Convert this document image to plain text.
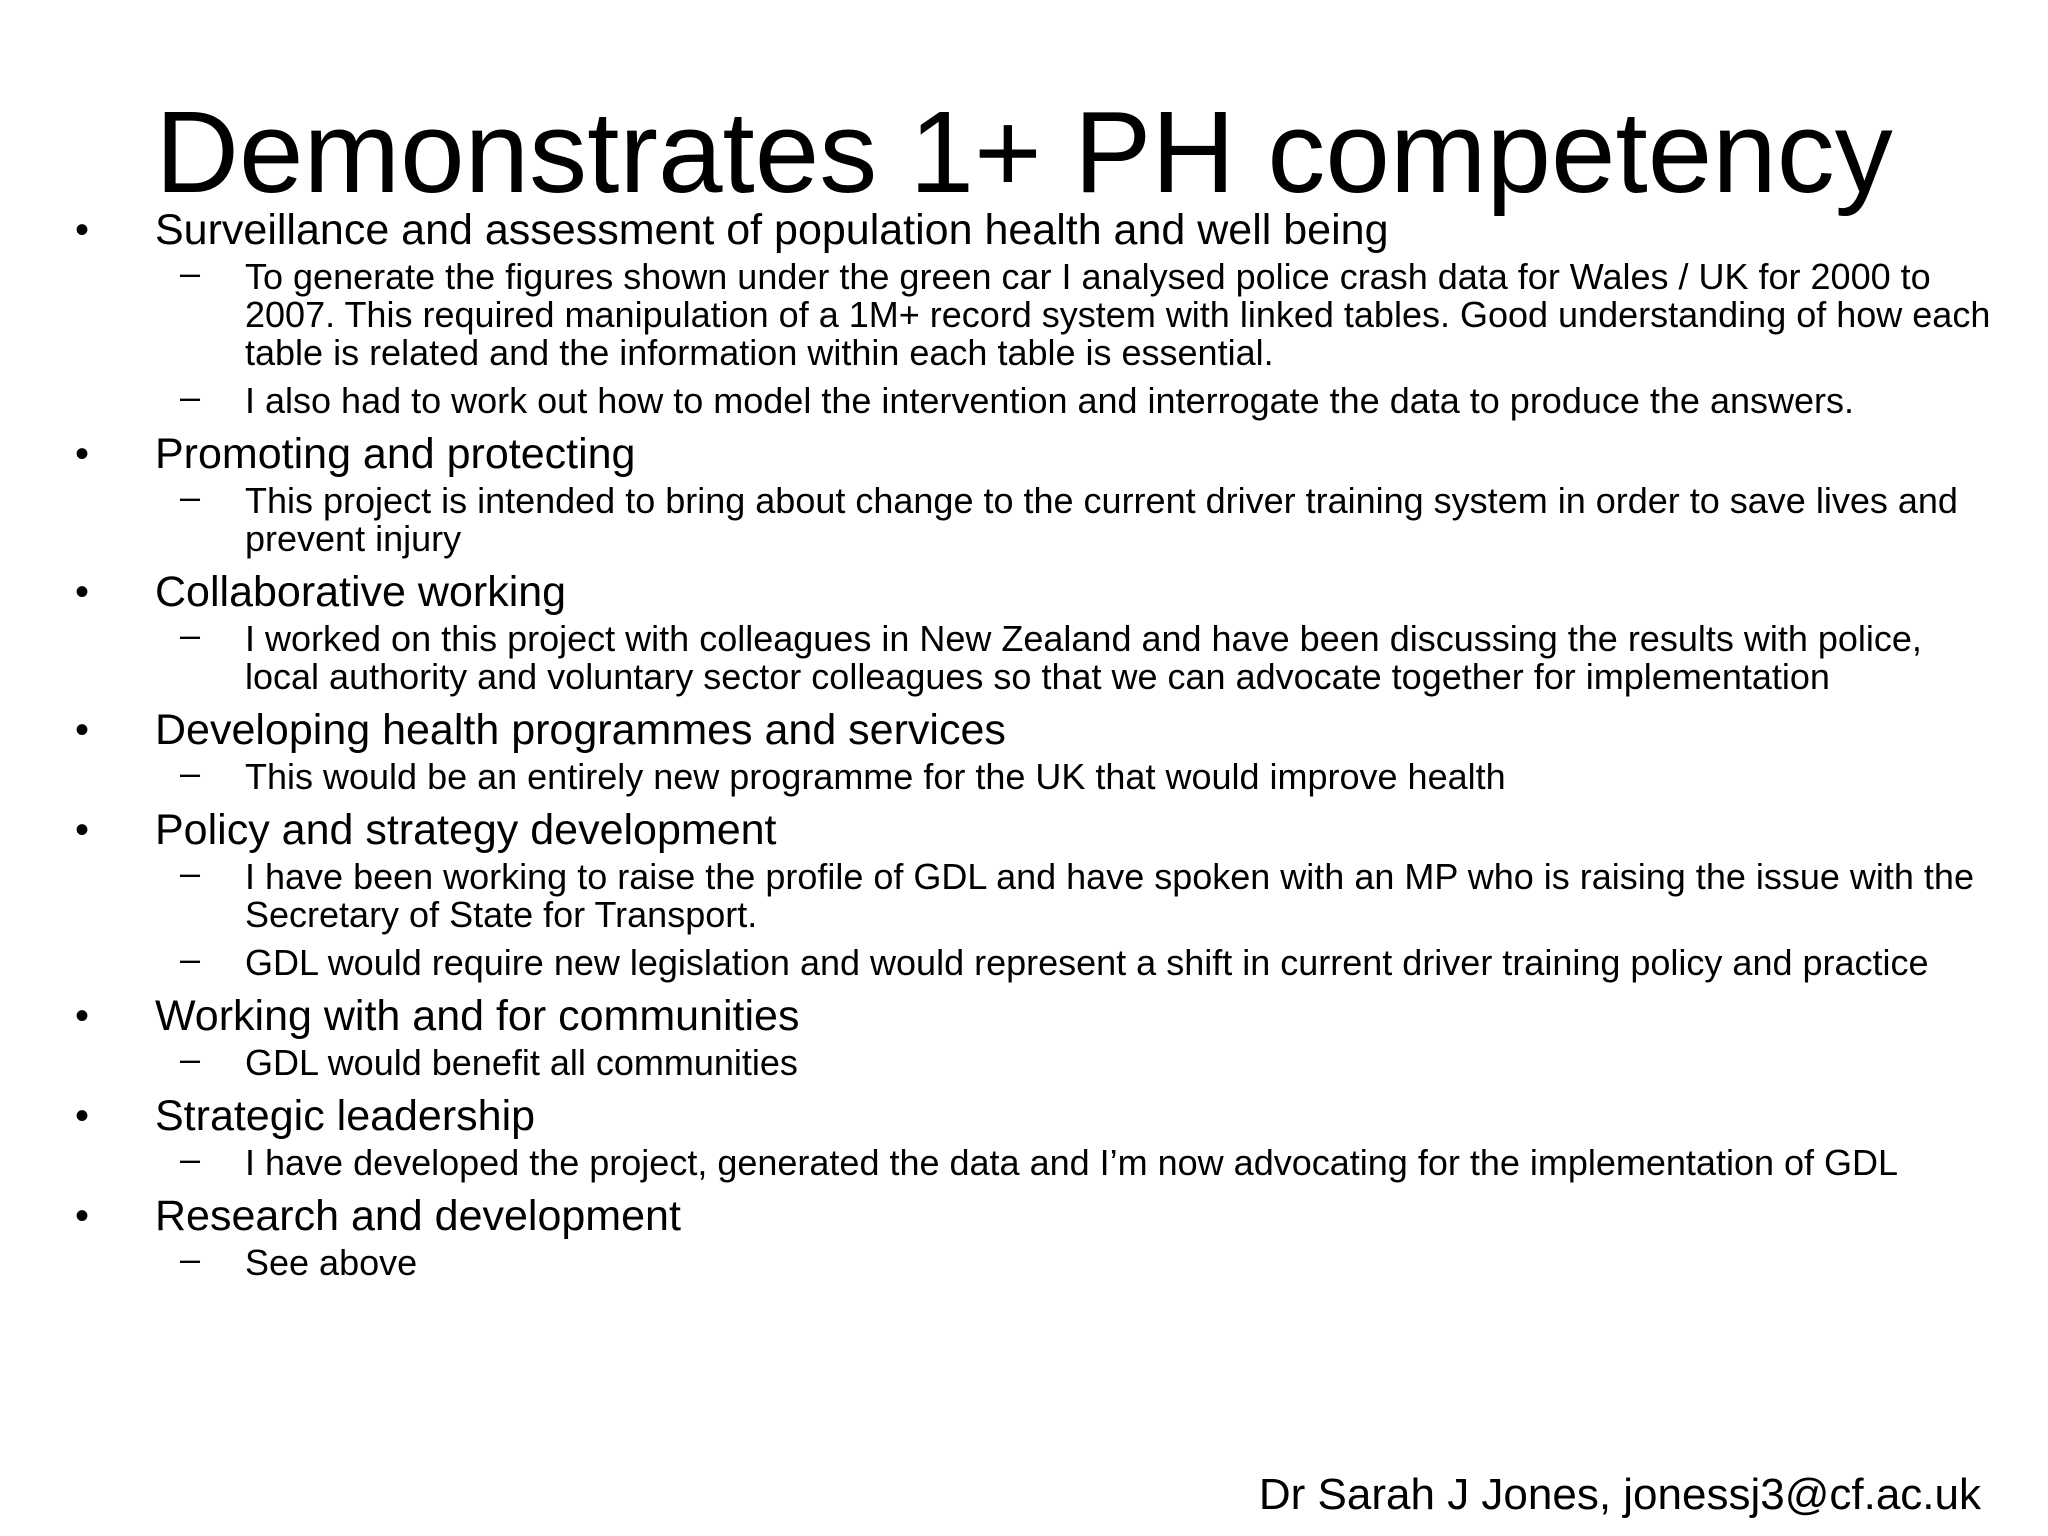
Demonstrates 1+ PH competency
• Surveillance and assessment of population health and well being
– To generate the figures shown under the green car I analysed police crash data for Wales / UK for 2000 to 2007. This required manipulation of a 1M+ record system with linked tables. Good understanding of how each table is related and the information within each table is essential.
– I also had to work out how to model the intervention and interrogate the data to produce the answers.
• Promoting and protecting
– This project is intended to bring about change to the current driver training system in order to save lives and prevent injury
• Collaborative working
– I worked on this project with colleagues in New Zealand and have been discussing the results with police, local authority and voluntary sector colleagues so that we can advocate together for implementation
• Developing health programmes and services
– This would be an entirely new programme for the UK that would improve health
• Policy and strategy development
– I have been working to raise the profile of GDL and have spoken with an MP who is raising the issue with the Secretary of State for Transport.
– GDL would require new legislation and would represent a shift in current driver training policy and practice
• Working with and for communities
– GDL would benefit all communities
• Strategic leadership
– I have developed the project, generated the data and I’m now advocating for the implementation of GDL
• Research and development
– See above
Dr Sarah J Jones, jonessj3@cf.ac.uk
